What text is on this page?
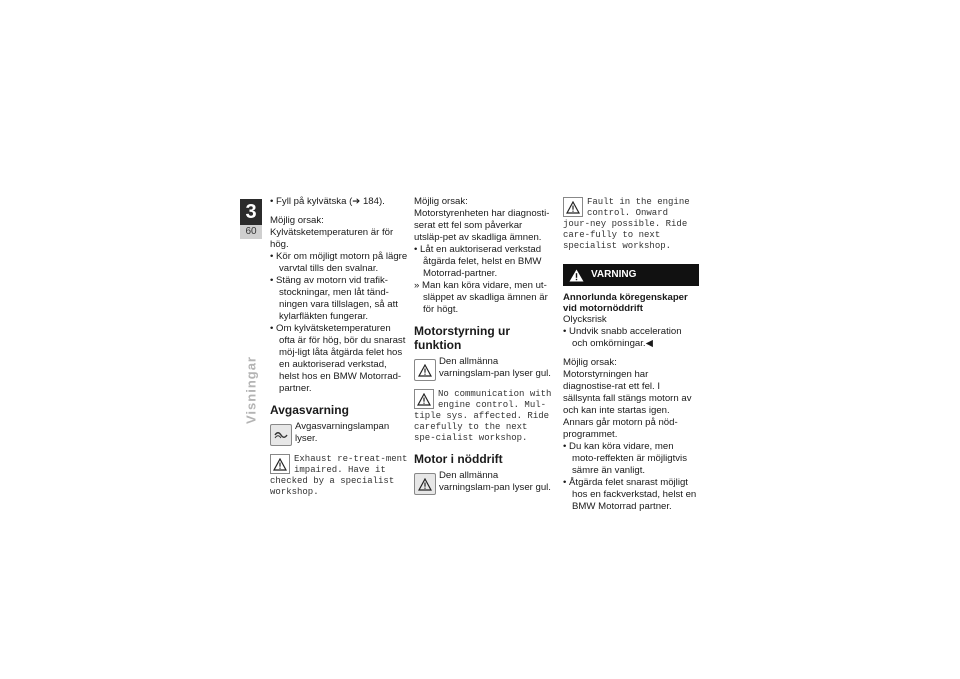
3
60
Visningar

• Fyll på kylvätska (➔ 184).

Möjlig orsak:

Kylvätsketemperaturen är för hög.

• Kör om möjligt motorn på lägre varvtal tills den svalnar.

• Stäng av motorn vid trafik-stockningar, men låt tänd-ningen vara tillslagen, så att kylarfläkten fungerar.

• Om kylvätsketemperaturen ofta är för hög, bör du snarast möj-ligt låta åtgärda felet hos en auktoriserad verkstad, helst hos en BMW Motorrad-partner.

Avgasvarning
Avgasvarningslampan lyser.
Exhaust re-treat-ment impaired. Have it checked by a specialist workshop.

Möjlig orsak:

Motorstyrenheten har diagnosti-serat ett fel som påverkar utsläp-pet av skadliga ämnen.

• Låt en auktoriserad verkstad åtgärda felet, helst en BMW Motorrad-partner.

» Man kan köra vidare, men ut-släppet av skadliga ämnen är för högt.

Motorstyrning ur funktion
Den allmänna varningslam-pan lyser gul.
No communication with engine control. Mul-tiple sys. affected. Ride carefully to the next spe-cialist workshop.
Motor i nöddrift
Den allmänna varningslam-pan lyser gul.
Fault in the engine control. Onward jour-ney possible. Ride care-fully to next specialist workshop.
VARNING

Annorlunda köregenskaper vid motornöddrift

Olycksrisk

• Undvik snabb acceleration och omkörningar.◀

Möjlig orsak:

Motorstyrningen har diagnostise-rat ett fel. I sällsynta fall stängs motorn av och kan inte startas igen. Annars går motorn på nöd-programmet.

• Du kan köra vidare, men moto-reffekten är möjligtvis sämre än vanligt.

• Åtgärda felet snarast möjligt hos en fackverkstad, helst en BMW Motorrad partner.
